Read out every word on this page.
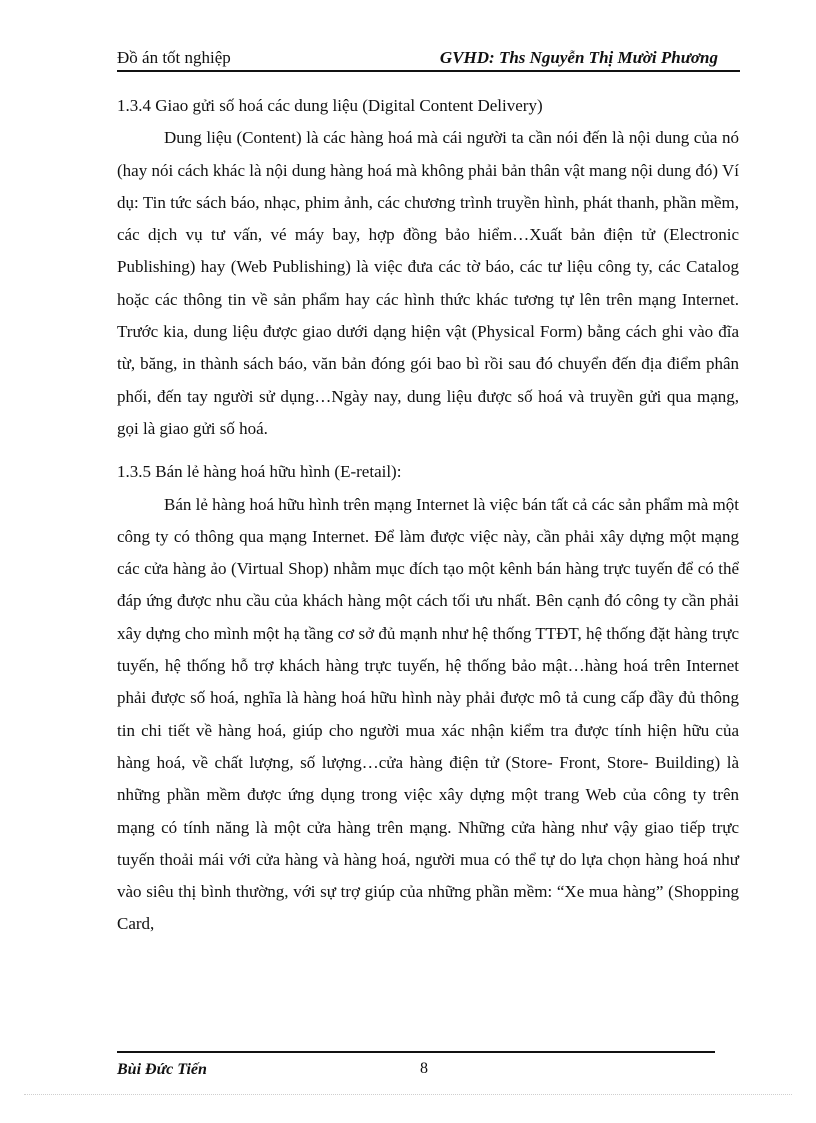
Đồ án tốt nghiệp	GVHD: Ths Nguyễn Thị Mười Phương
1.3.4 Giao gửi số hoá các dung liệu (Digital Content Delivery)

Dung liệu (Content) là các hàng hoá mà cái người ta cần nói đến là nội dung của nó (hay nói cách khác là nội dung hàng hoá mà không phải bản thân vật mang nội dung đó) Ví dụ: Tin tức sách báo, nhạc, phim ảnh, các chương trình truyền hình, phát thanh, phần mềm, các dịch vụ tư vấn, vé máy bay, hợp đồng bảo hiểm…Xuất bản điện tử (Electronic Publishing) hay (Web Publishing) là việc đưa các tờ báo, các tư liệu công ty, các Catalog hoặc các thông tin về sản phẩm hay các hình thức khác tương tự lên trên mạng Internet. Trước kia, dung liệu được giao dưới dạng hiện vật (Physical Form) bằng cách ghi vào đĩa từ, băng, in thành sách báo, văn bản đóng gói bao bì rồi sau đó chuyển đến địa điểm phân phối, đến tay người sử dụng…Ngày nay, dung liệu được số hoá và truyền gửi qua mạng, gọi là giao gửi số hoá.

1.3.5 Bán lẻ hàng hoá hữu hình (E-retail):

Bán lẻ hàng hoá hữu hình trên mạng Internet là việc bán tất cả các sản phẩm mà một công ty có thông qua mạng Internet. Để làm được việc này, cần phải xây dựng một mạng các cửa hàng ảo (Virtual Shop) nhằm mục đích tạo một kênh bán hàng trực tuyến để có thể đáp ứng được nhu cầu của khách hàng một cách tối ưu nhất. Bên cạnh đó công ty cần phải xây dựng cho mình một hạ tầng cơ sở đủ mạnh như hệ thống TTĐT, hệ thống đặt hàng trực tuyến, hệ thống hỗ trợ khách hàng trực tuyến, hệ thống bảo mật…hàng hoá trên Internet phải được số hoá, nghĩa là hàng hoá hữu hình này phải được mô tả cung cấp đầy đủ thông tin chi tiết về hàng hoá, giúp cho người mua xác nhận kiểm tra được tính hiện hữu của hàng hoá, về chất lượng, số lượng…cửa hàng điện tử (Store- Front, Store- Building) là những phần mềm được ứng dụng trong việc xây dựng một trang Web của công ty trên mạng có tính năng là một cửa hàng trên mạng. Những cửa hàng như vậy giao tiếp trực tuyến thoải mái với cửa hàng và hàng hoá, người mua có thể tự do lựa chọn hàng hoá như vào siêu thị bình thường, với sự trợ giúp của những phần mềm: “Xe mua hàng” (Shopping Card,

Bùi Đức Tiến	8
